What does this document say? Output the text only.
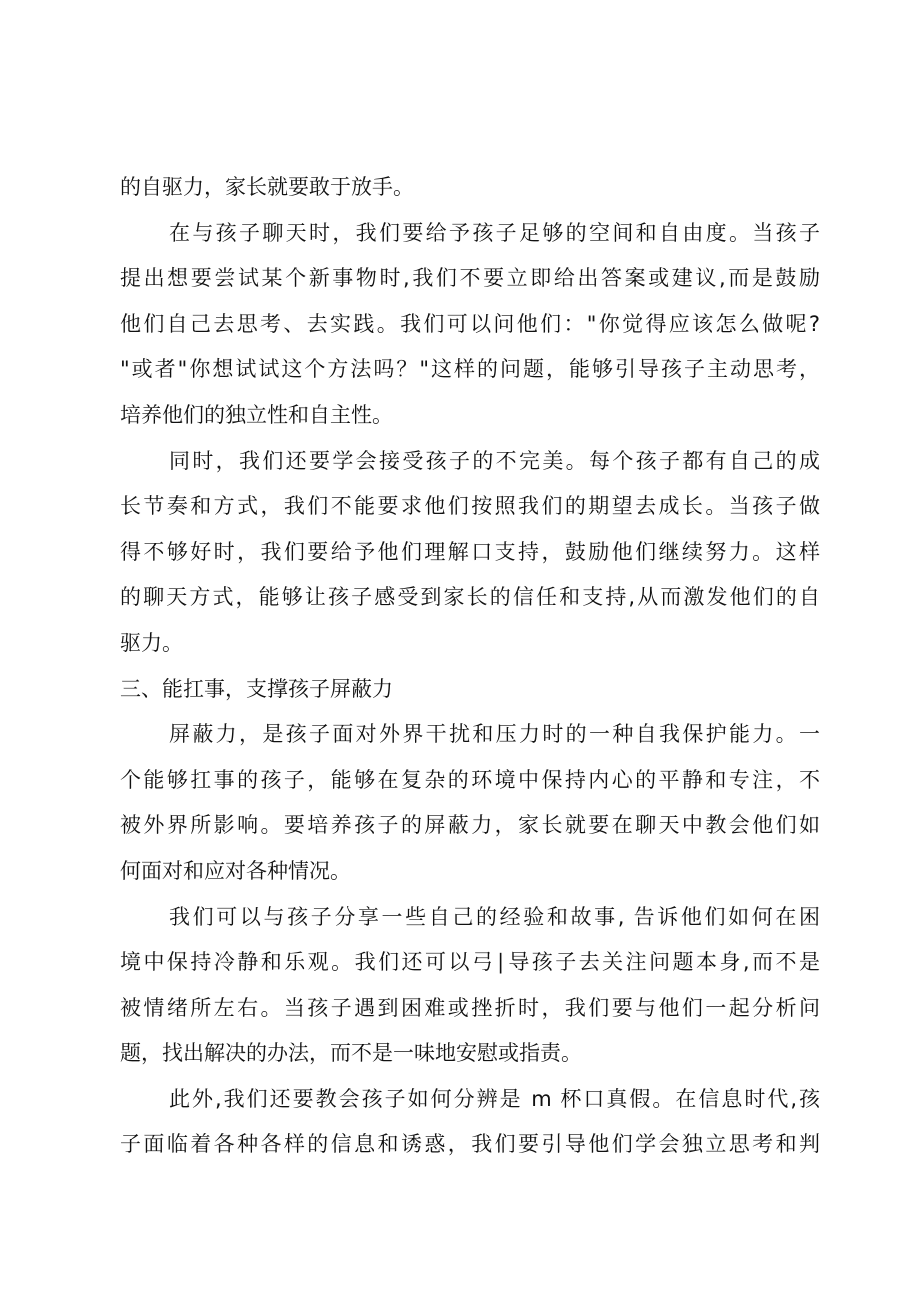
的自驱力，家长就要敢于放手。
在与孩子聊天时，我们要给予孩子足够的空间和自由度。当孩子
提出想要尝试某个新事物时,我们不要立即给出答案或建议,而是鼓励
他们自己去思考、去实践。我们可以问他们："你觉得应该怎么做呢?
"或者"你想试试这个方法吗？"这样的问题，能够引导孩子主动思考，
培养他们的独立性和自主性。
同时，我们还要学会接受孩子的不完美。每个孩子都有自己的成
长节奏和方式，我们不能要求他们按照我们的期望去成长。当孩子做
得不够好时，我们要给予他们理解口支持，鼓励他们继续努力。这样
的聊天方式，能够让孩子感受到家长的信任和支持,从而激发他们的自
驱力。
三、能扛事，支撑孩子屏蔽力
屏蔽力，是孩子面对外界干扰和压力时的一种自我保护能力。一
个能够扛事的孩子，能够在复杂的环境中保持内心的平静和专注，不
被外界所影响。要培养孩子的屏蔽力，家长就要在聊天中教会他们如
何面对和应对各种情况。
我们可以与孩子分享一些自己的经验和故事, 告诉他们如何在困
境中保持冷静和乐观。我们还可以弓∣导孩子去关注问题本身,而不是
被情绪所左右。当孩子遇到困难或挫折时，我们要与他们一起分析问
题，找出解决的办法，而不是一味地安慰或指责。
此外,我们还要教会孩子如何分辨是 m 杯口真假。在信息时代,孩
子面临着各种各样的信息和诱惑，我们要引导他们学会独立思考和判
